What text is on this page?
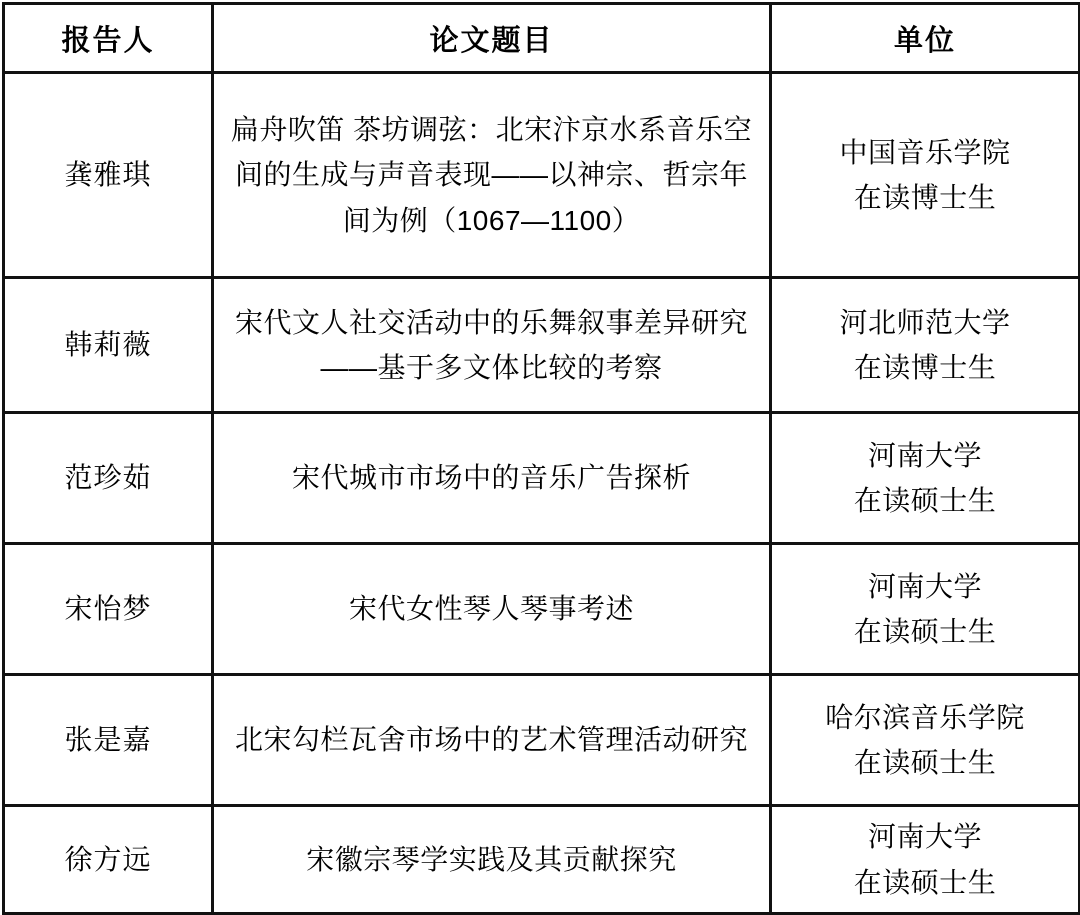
报告人	论文题目	单位
龚雅琪	扁舟吹笛 茶坊调弦：北宋汴京水系音乐空间的生成与声音表现——以神宗、哲宗年间为例（1067—1100）	中国音乐学院
在读博士生

韩莉薇	宋代文人社交活动中的乐舞叙事差异研究——基于多文体比较的考察	河北师范大学
在读博士生

范珍茹	宋代城市市场中的音乐广告探析	河南大学
在读硕士生

宋怡梦	宋代女性琴人琴事考述	河南大学
在读硕士生

张是嘉	北宋勾栏瓦舍市场中的艺术管理活动研究	哈尔滨音乐学院
在读硕士生

徐方远	宋徽宗琴学实践及其贡献探究	河南大学
在读硕士生
